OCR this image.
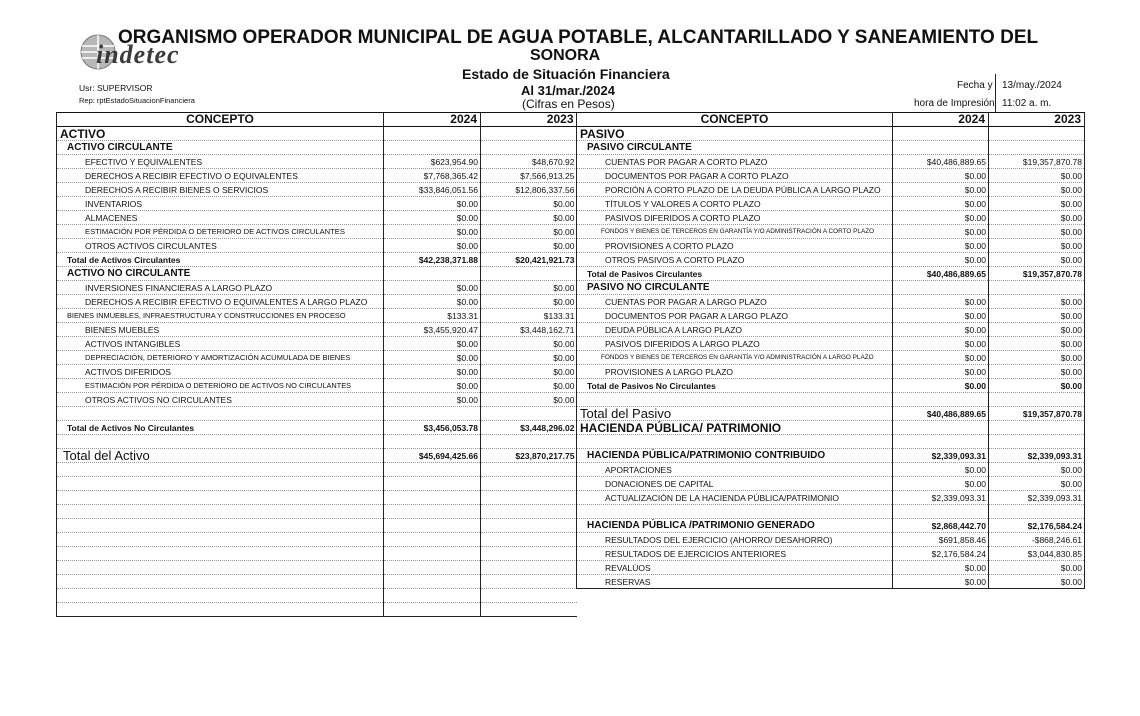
indetec
ORGANISMO OPERADOR MUNICIPAL DE AGUA POTABLE, ALCANTARILLADO Y SANEAMIENTO DEL
SONORA
Estado de Situación Financiera
Al 31/mar./2024
(Cifras en Pesos)
Usr: SUPERVISOR
Rep: rptEstadoSituacionFinanciera
Fecha y
hora de Impresión
13/may./2024
11:02 a. m.
CONCEPTO	2024	2023
ACTIVO		
ACTIVO CIRCULANTE		
EFECTIVO Y EQUIVALENTES	$623,954.90	$48,670.92
DERECHOS A RECIBIR EFECTIVO O EQUIVALENTES	$7,768,365.42	$7,566,913.25
DERECHOS A RECIBIR BIENES O SERVICIOS	$33,846,051.56	$12,806,337.56
INVENTARIOS	$0.00	$0.00
ALMACENES	$0.00	$0.00
ESTIMACIÓN POR PÉRDIDA O DETERIORO DE ACTIVOS CIRCULANTES	$0.00	$0.00
OTROS ACTIVOS CIRCULANTES	$0.00	$0.00
Total de Activos Circulantes	$42,238,371.88	$20,421,921.73
ACTIVO NO CIRCULANTE		
INVERSIONES FINANCIERAS A LARGO PLAZO	$0.00	$0.00
DERECHOS A RECIBIR EFECTIVO O EQUIVALENTES A LARGO PLAZO	$0.00	$0.00
BIENES INMUEBLES, INFRAESTRUCTURA Y CONSTRUCCIONES EN PROCESO	$133.31	$133.31
BIENES MUEBLES	$3,455,920.47	$3,448,162.71
ACTIVOS INTANGIBLES	$0.00	$0.00
DEPRECIACIÓN, DETERIORO Y AMORTIZACIÓN ACUMULADA DE BIENES	$0.00	$0.00
ACTIVOS DIFERIDOS	$0.00	$0.00
ESTIMACIÓN POR PÉRDIDA O DETERIORO DE ACTIVOS NO CIRCULANTES	$0.00	$0.00
OTROS ACTIVOS NO CIRCULANTES	$0.00	$0.00

Total de Activos No Circulantes	$3,456,053.78	$3,448,296.02

Total del Activo	$45,694,425.66	$23,870,217.75

CONCEPTO	2024	2023
PASIVO		
PASIVO CIRCULANTE		
CUENTAS POR PAGAR A CORTO PLAZO	$40,486,889.65	$19,357,870.78
DOCUMENTOS POR PAGAR A CORTO PLAZO	$0.00	$0.00
PORCIÓN A CORTO PLAZO DE LA DEUDA PÚBLICA A LARGO PLAZO	$0.00	$0.00
TÍTULOS Y VALORES A CORTO PLAZO	$0.00	$0.00
PASIVOS DIFERIDOS A CORTO PLAZO	$0.00	$0.00
FONDOS Y BIENES DE TERCEROS EN GARANTÍA Y/O ADMINISTRACIÓN A CORTO PLAZO	$0.00	$0.00
PROVISIONES A CORTO PLAZO	$0.00	$0.00
OTROS PASIVOS A CORTO PLAZO	$0.00	$0.00
Total de Pasivos Circulantes	$40,486,889.65	$19,357,870.78
PASIVO NO CIRCULANTE		
CUENTAS POR PAGAR A LARGO PLAZO	$0.00	$0.00
DOCUMENTOS POR PAGAR A LARGO PLAZO	$0.00	$0.00
DEUDA PÚBLICA A LARGO PLAZO	$0.00	$0.00
PASIVOS DIFERIDOS A LARGO PLAZO	$0.00	$0.00
FONDOS Y BIENES DE TERCEROS EN GARANTÍA Y/O ADMINISTRACIÓN A LARGO PLAZO	$0.00	$0.00
PROVISIONES A LARGO PLAZO	$0.00	$0.00
Total de Pasivos No Circulantes	$0.00	$0.00

Total del Pasivo	$40,486,889.65	$19,357,870.78
HACIENDA PÚBLICA/ PATRIMONIO		

HACIENDA PÚBLICA/PATRIMONIO CONTRIBUIDO	$2,339,093.31	$2,339,093.31
APORTACIONES	$0.00	$0.00
DONACIONES DE CAPITAL	$0.00	$0.00
ACTUALIZACIÓN DE LA HACIENDA PÚBLICA/PATRIMONIO	$2,339,093.31	$2,339,093.31

HACIENDA PÚBLICA /PATRIMONIO GENERADO	$2,868,442.70	$2,176,584.24
RESULTADOS DEL EJERCICIO (AHORRO/ DESAHORRO)	$691,858.46	-$868,246.61
RESULTADOS DE EJERCICIOS ANTERIORES	$2,176,584.24	$3,044,830.85
REVALÚOS	$0.00	$0.00
RESERVAS	$0.00	$0.00
